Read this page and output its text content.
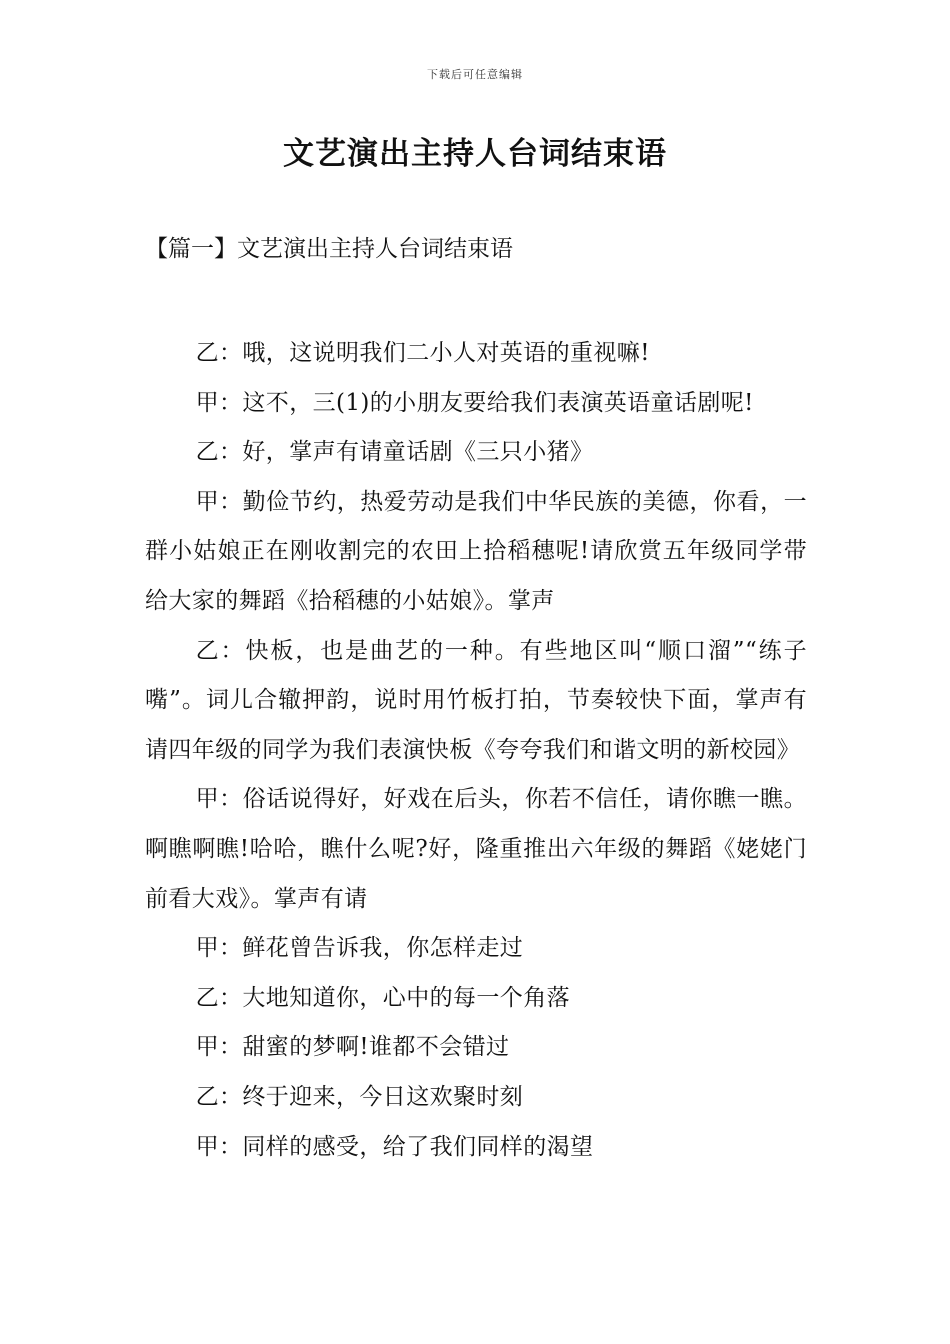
下载后可任意编辑
文艺演出主持人台词结束语
【篇一】文艺演出主持人台词结束语

乙：哦，这说明我们二小人对英语的重视嘛!

甲：这不，三(1)的小朋友要给我们表演英语童话剧呢!

乙：好，掌声有请童话剧《三只小猪》

甲：勤俭节约，热爱劳动是我们中华民族的美德，你看，一群小姑娘正在刚收割完的农田上拾稻穗呢!请欣赏五年级同学带给大家的舞蹈《拾稻穗的小姑娘》。掌声

乙：快板，也是曲艺的一种。有些地区叫“顺口溜”“练子嘴”。词儿合辙押韵，说时用竹板打拍，节奏较快下面，掌声有请四年级的同学为我们表演快板《夸夸我们和谐文明的新校园》

甲：俗话说得好，好戏在后头，你若不信任，请你瞧一瞧。啊瞧啊瞧!哈哈，瞧什么呢?好，隆重推出六年级的舞蹈《姥姥门前看大戏》。掌声有请

甲：鲜花曾告诉我，你怎样走过

乙：大地知道你，心中的每一个角落

甲：甜蜜的梦啊!谁都不会错过

乙：终于迎来，今日这欢聚时刻

甲：同样的感受，给了我们同样的渴望
